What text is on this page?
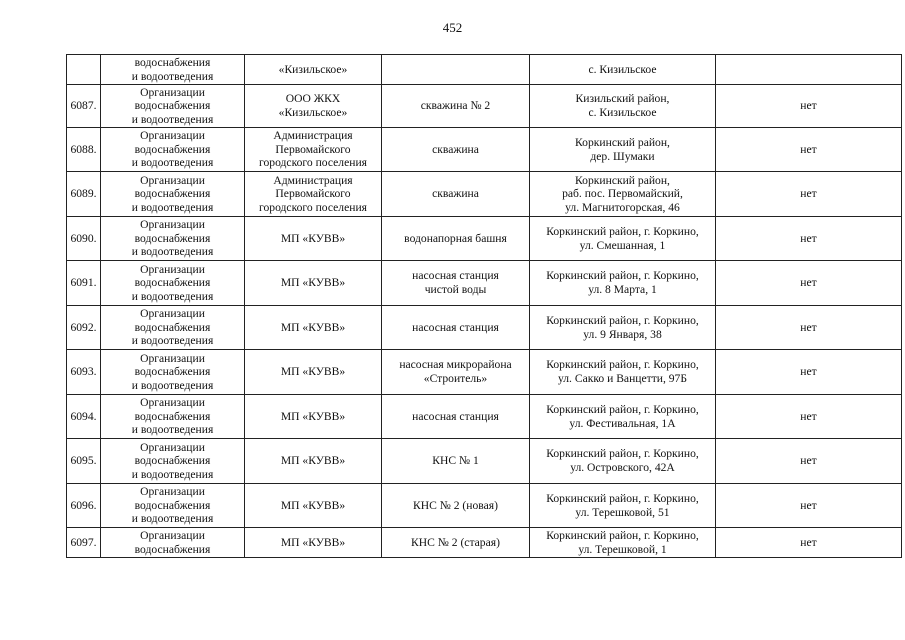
452

	водоснабжения
и водоотведения	«Кизильское»		с. Кизильское	

6087.	Организации
водоснабжения
и водоотведения	ООО ЖКХ
«Кизильское»	скважина № 2	Кизильский район,
с. Кизильское	нет
6088.	Организации
водоснабжения
и водоотведения	Администрация
Первомайского
городского поселения	скважина	Коркинский район,
дер. Шумаки	нет
6089.	Организации
водоснабжения
и водоотведения	Администрация
Первомайского
городского поселения	скважина	Коркинский район,
раб. пос. Первомайский,
ул. Магнитогорская, 46	нет
6090.	Организации
водоснабжения
и водоотведения	МП «КУВВ»	водонапорная башня	Коркинский район, г. Коркино,
ул. Смешанная, 1	нет
6091.	Организации
водоснабжения
и водоотведения	МП «КУВВ»	насосная станция
чистой воды	Коркинский район, г. Коркино,
ул. 8 Марта, 1	нет
6092.	Организации
водоснабжения
и водоотведения	МП «КУВВ»	насосная станция	Коркинский район, г. Коркино,
ул. 9 Января, 38	нет
6093.	Организации
водоснабжения
и водоотведения	МП «КУВВ»	насосная микрорайона
«Строитель»	Коркинский район, г. Коркино,
ул. Сакко и Ванцетти, 97Б	нет
6094.	Организации
водоснабжения
и водоотведения	МП «КУВВ»	насосная станция	Коркинский район, г. Коркино,
ул. Фестивальная, 1А	нет
6095.	Организации
водоснабжения
и водоотведения	МП «КУВВ»	КНС № 1	Коркинский район, г. Коркино,
ул. Островского, 42А	нет
6096.	Организации
водоснабжения
и водоотведения	МП «КУВВ»	КНС № 2 (новая)	Коркинский район, г. Коркино,
ул. Терешковой, 51	нет
6097.	Организации
водоснабжения	МП «КУВВ»	КНС № 2 (старая)	Коркинский район, г. Коркино,
ул. Терешковой, 1	нет
